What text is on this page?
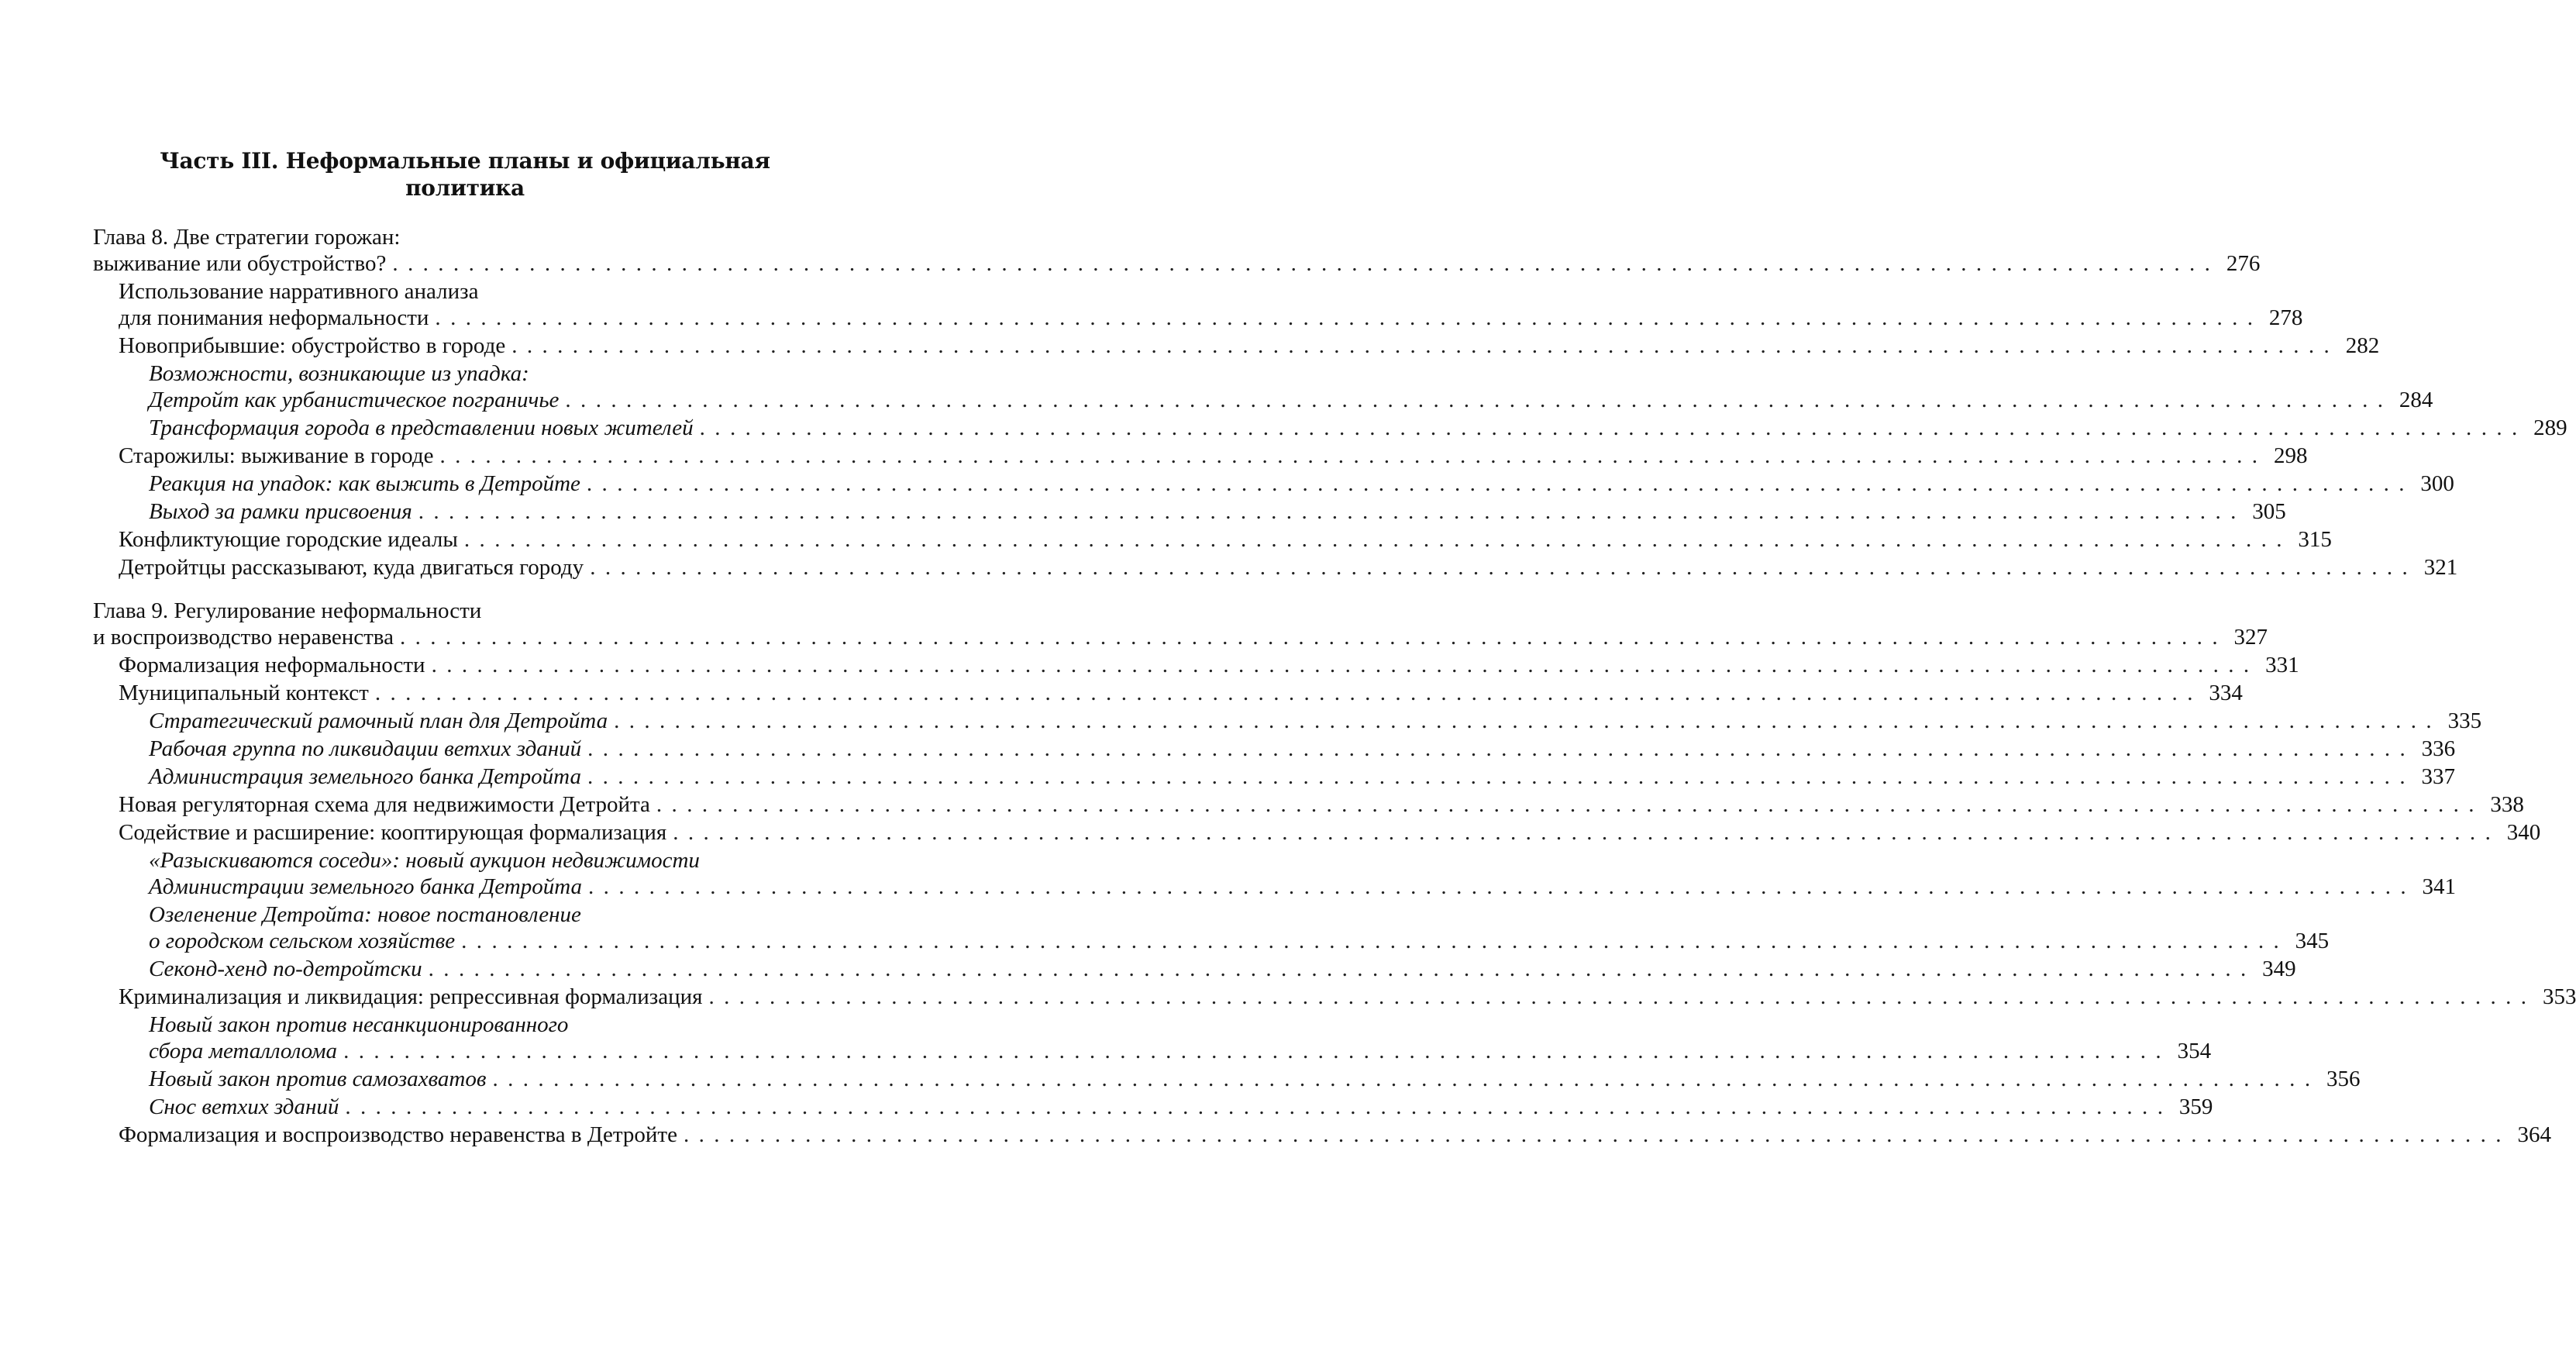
Часть III. Неформальные планы и официальная
политика
Глава 8. Две стратегии горожан:
выживание или обустройство? ........................................................................................................................ 276
Использование нарративного анализа
для понимания неформальности ........................................................................................................................ 278
Новоприбывшие: обустройство в городе ........................................................................................................................ 282
Возможности, возникающие из упадка:
Детройт как урбанистическое пограничье ........................................................................................................................ 284
Трансформация города в представлении новых жителей ........................................................................................................................ 289
Старожилы: выживание в городе ........................................................................................................................ 298
Реакция на упадок: как выжить в Детройте ........................................................................................................................ 300
Выход за рамки присвоения ........................................................................................................................ 305
Конфликтующие городские идеалы ........................................................................................................................ 315
Детройтцы рассказывают, куда двигаться городу ........................................................................................................................ 321
Глава 9. Регулирование неформальности
и воспроизводство неравенства ........................................................................................................................ 327
Формализация неформальности ........................................................................................................................ 331
Муниципальный контекст ........................................................................................................................ 334
Стратегический рамочный план для Детройта ........................................................................................................................ 335
Рабочая группа по ликвидации ветхих зданий ........................................................................................................................ 336
Администрация земельного банка Детройта ........................................................................................................................ 337
Новая регуляторная схема для недвижимости Детройта ........................................................................................................................ 338
Содействие и расширение: кооптирующая формализация ........................................................................................................................ 340
«Разыскиваются соседи»: новый аукцион недвижимости
Администрации земельного банка Детройта ........................................................................................................................ 341
Озеленение Детройта: новое постановление
о городском сельском хозяйстве ........................................................................................................................ 345
Секонд-хенд по-детройтски ........................................................................................................................ 349
Криминализация и ликвидация: репрессивная формализация ........................................................................................................................ 353
Новый закон против несанкционированного
сбора металлолома ........................................................................................................................ 354
Новый закон против самозахватов ........................................................................................................................ 356
Снос ветхих зданий ........................................................................................................................ 359
Формализация и воспроизводство неравенства в Детройте ........................................................................................................................ 364
